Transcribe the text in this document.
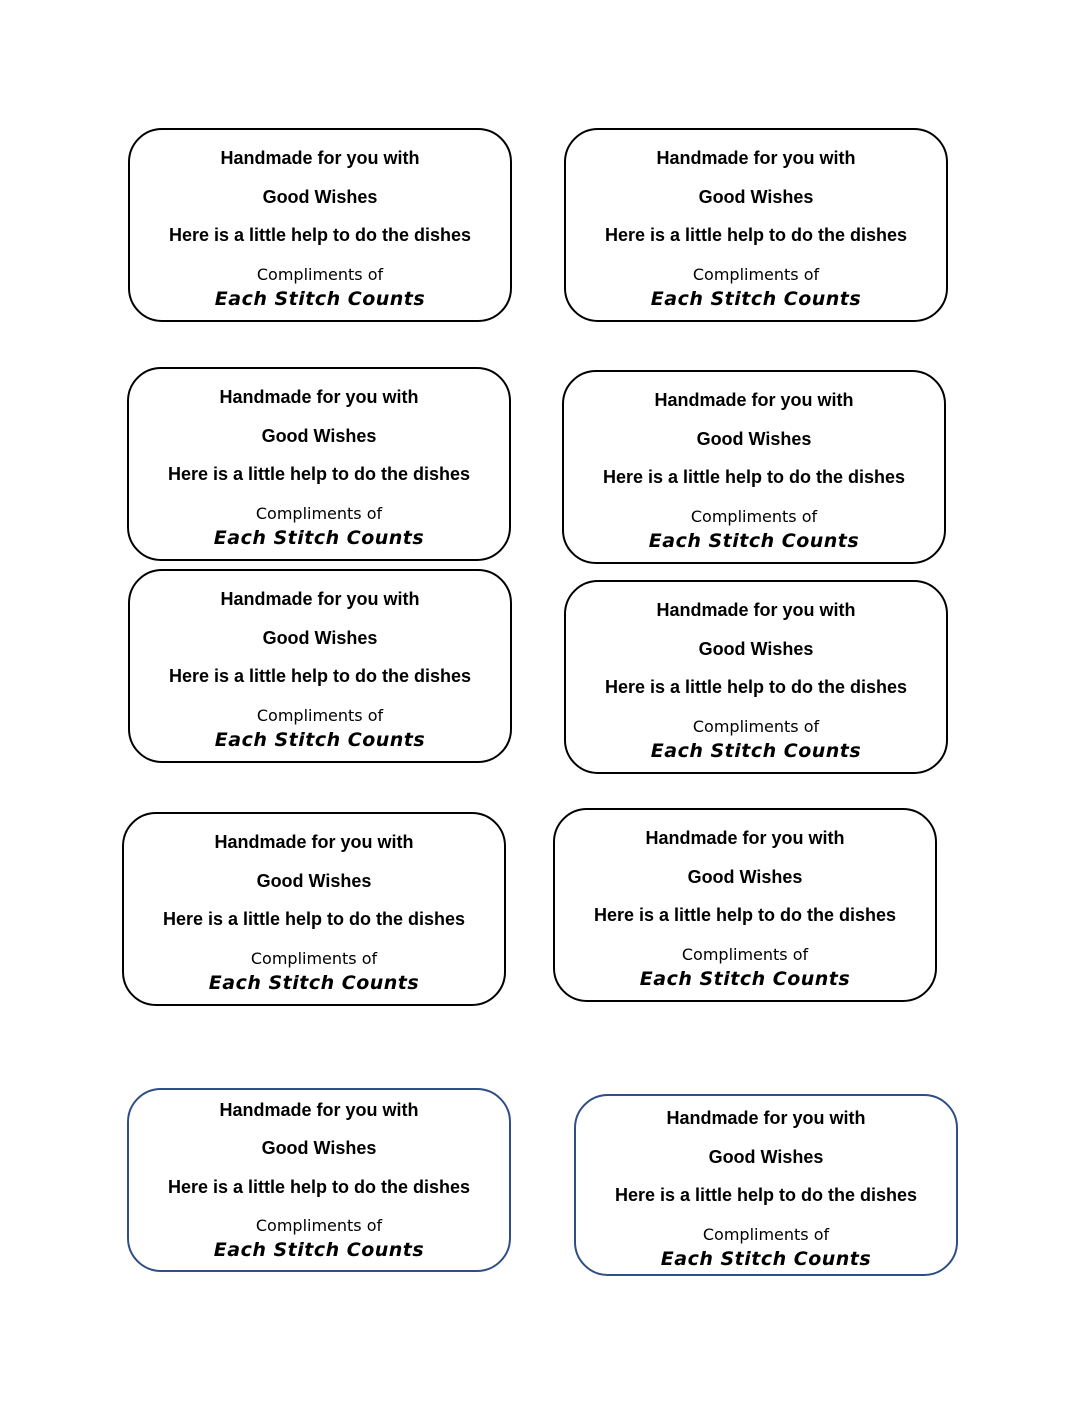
Handmade for you with
Good Wishes
Here is a little help to do the dishes
Compliments of
Each Stitch Counts
Handmade for you with
Good Wishes
Here is a little help to do the dishes
Compliments of
Each Stitch Counts
Handmade for you with
Good Wishes
Here is a little help to do the dishes
Compliments of
Each Stitch Counts
Handmade for you with
Good Wishes
Here is a little help to do the dishes
Compliments of
Each Stitch Counts
Handmade for you with
Good Wishes
Here is a little help to do the dishes
Compliments of
Each Stitch Counts
Handmade for you with
Good Wishes
Here is a little help to do the dishes
Compliments of
Each Stitch Counts
Handmade for you with
Good Wishes
Here is a little help to do the dishes
Compliments of
Each Stitch Counts
Handmade for you with
Good Wishes
Here is a little help to do the dishes
Compliments of
Each Stitch Counts
Handmade for you with
Good Wishes
Here is a little help to do the dishes
Compliments of
Each Stitch Counts
Handmade for you with
Good Wishes
Here is a little help to do the dishes
Compliments of
Each Stitch Counts
